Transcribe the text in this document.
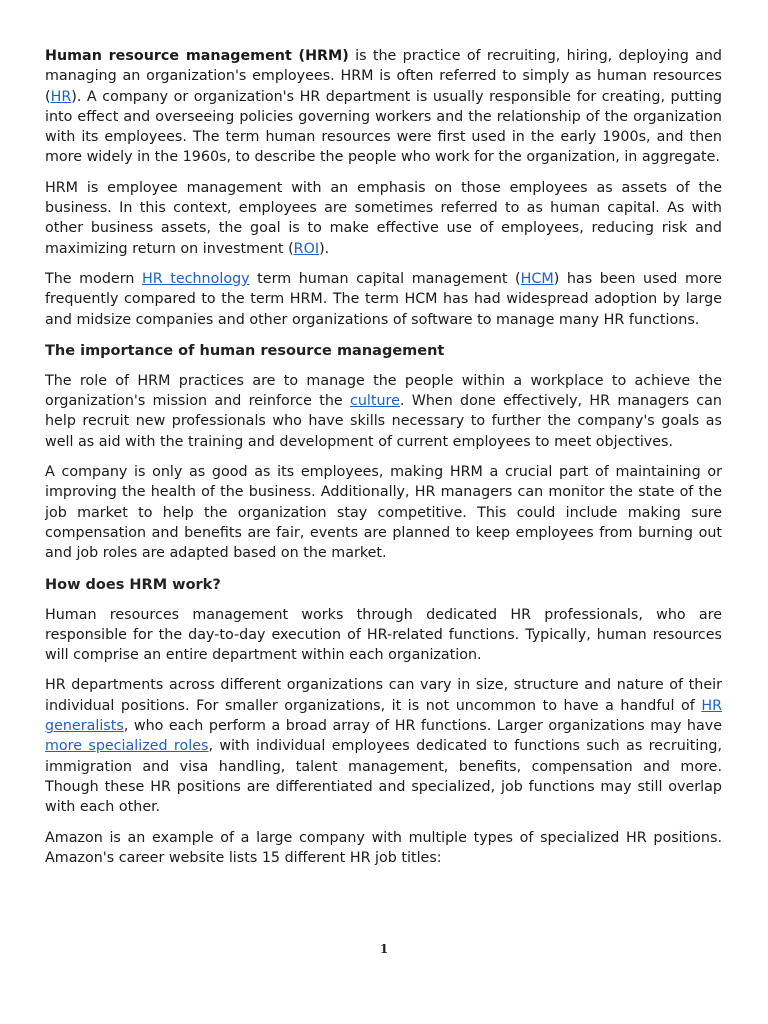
Human resource management (HRM) is the practice of recruiting, hiring, deploying and managing an organization's employees. HRM is often referred to simply as human resources (HR). A company or organization's HR department is usually responsible for creating, putting into effect and overseeing policies governing workers and the relationship of the organization with its employees. The term human resources were first used in the early 1900s, and then more widely in the 1960s, to describe the people who work for the organization, in aggregate.

HRM is employee management with an emphasis on those employees as assets of the business. In this context, employees are sometimes referred to as human capital. As with other business assets, the goal is to make effective use of employees, reducing risk and maximizing return on investment (ROI).

The modern HR technology term human capital management (HCM) has been used more frequently compared to the term HRM. The term HCM has had widespread adoption by large and midsize companies and other organizations of software to manage many HR functions.

The importance of human resource management

The role of HRM practices are to manage the people within a workplace to achieve the organization's mission and reinforce the culture. When done effectively, HR managers can help recruit new professionals who have skills necessary to further the company's goals as well as aid with the training and development of current employees to meet objectives.

A company is only as good as its employees, making HRM a crucial part of maintaining or improving the health of the business. Additionally, HR managers can monitor the state of the job market to help the organization stay competitive. This could include making sure compensation and benefits are fair, events are planned to keep employees from burning out and job roles are adapted based on the market.

How does HRM work?

Human resources management works through dedicated HR professionals, who are responsible for the day-to-day execution of HR-related functions. Typically, human resources will comprise an entire department within each organization.

HR departments across different organizations can vary in size, structure and nature of their individual positions. For smaller organizations, it is not uncommon to have a handful of HR generalists, who each perform a broad array of HR functions. Larger organizations may have more specialized roles, with individual employees dedicated to functions such as recruiting, immigration and visa handling, talent management, benefits, compensation and more. Though these HR positions are differentiated and specialized, job functions may still overlap with each other.

Amazon is an example of a large company with multiple types of specialized HR positions. Amazon's career website lists 15 different HR job titles:

1
